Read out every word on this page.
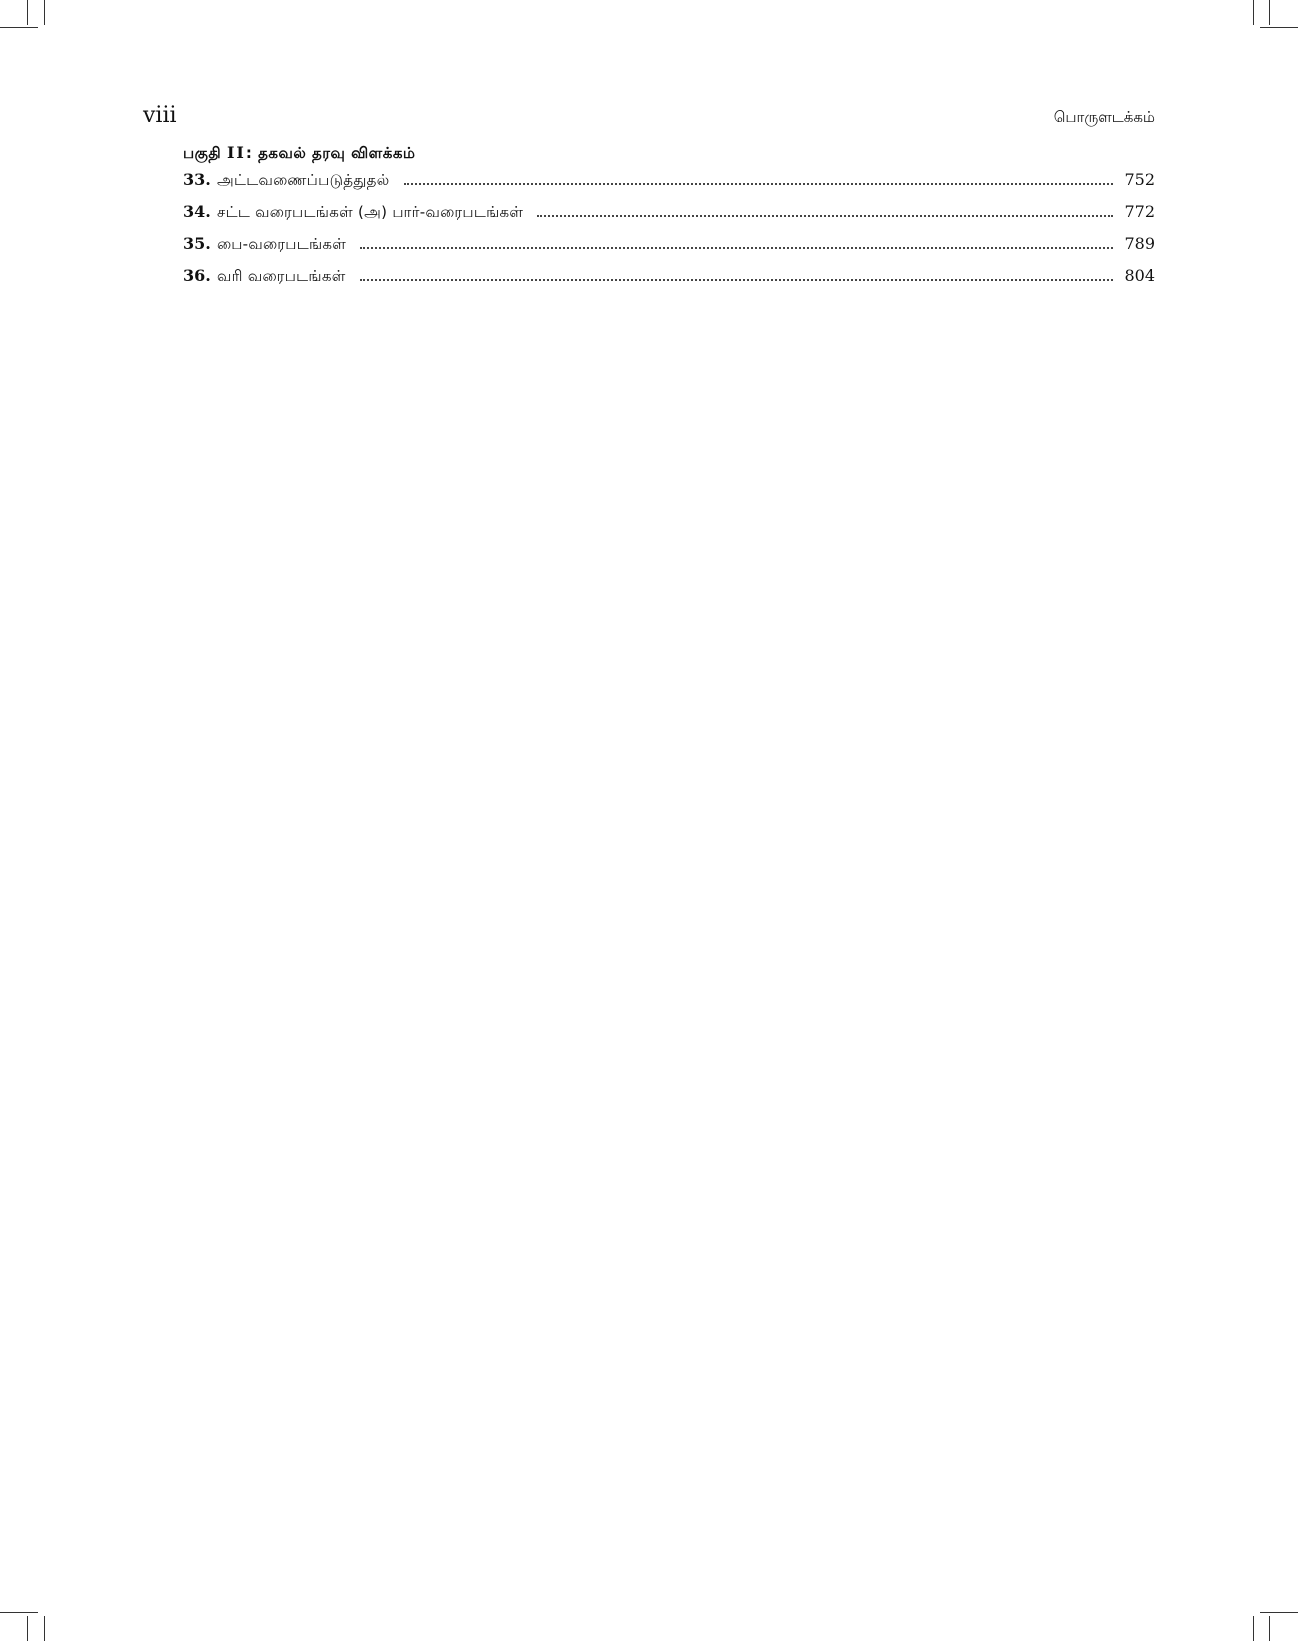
viii	பொருளடக்கம்
பகுதி II: தகவல் தரவு விளக்கம்
33. அட்டவணைப்படுத்துதல்	752
34. சட்ட வரைபடங்கள் (அ) பார்-வரைபடங்கள்	772
35. பை-வரைபடங்கள்	789
36. வரி வரைபடங்கள்	804
